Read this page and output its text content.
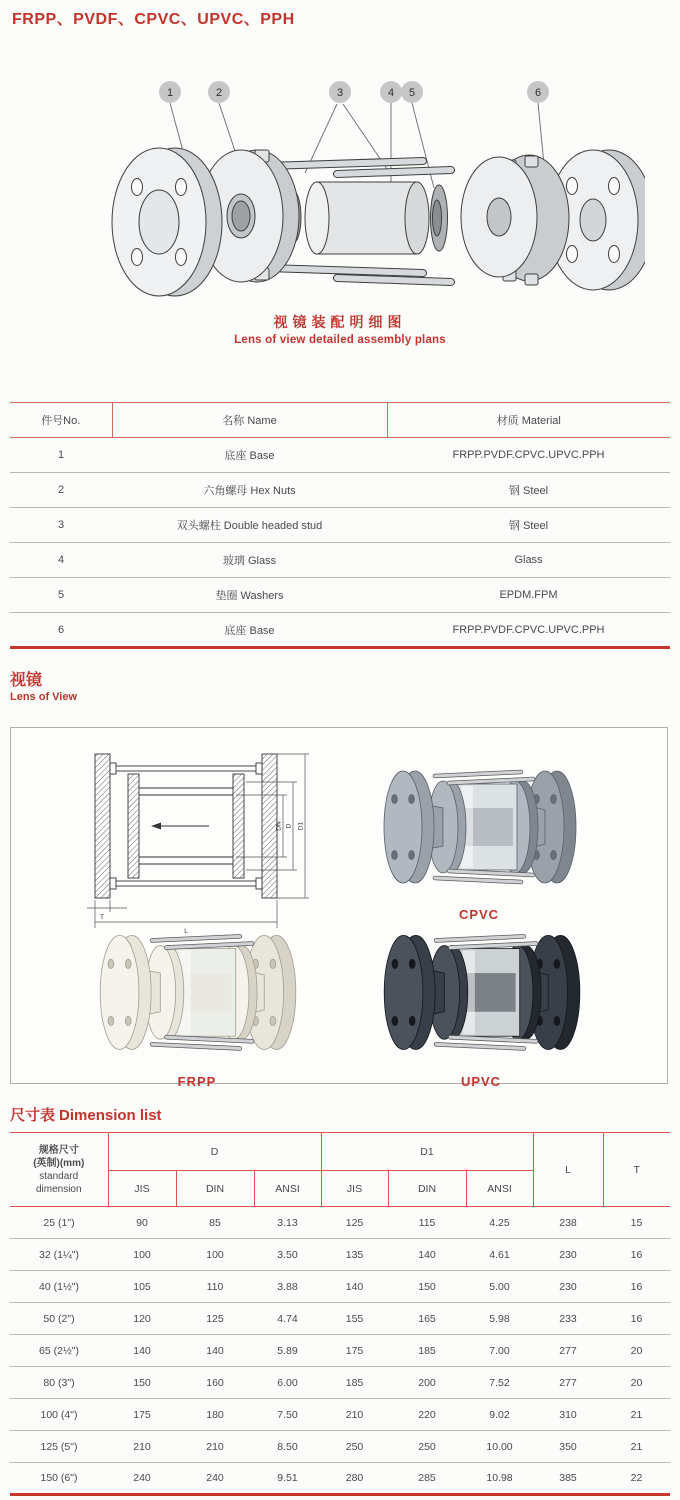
FRPP、PVDF、CPVC、UPVC、PPH
1	2	3	4 5	6
视镜装配明细图
Lens of view detailed assembly plans
件号No.	名称 Name	材质 Material
1	底座 Base	FRPP.PVDF.CPVC.UPVC.PPH
2	六角螺母 Hex Nuts	钢 Steel
3	双头螺柱 Double headed stud	钢 Steel
4	玻璃 Glass	Glass
5	垫圈 Washers	EPDM.FPM
6	底座 Base	FRPP.PVDF.CPVC.UPVC.PPH
视镜
Lens of View
DN D D1
T
L
CPVC
FRPP	UPVC
尺寸表 Dimension list
规格尺寸
(英制)(mm)
standard
dimension	D			D1			L	T
	JIS	DIN	ANSI	JIS	DIN	ANSI		
25 (1")	90	85	3.13	125	115	4.25	238	15
32 (1¼")	100	100	3.50	135	140	4.61	230	16
40 (1½")	105	110	3.88	140	150	5.00	230	16
50 (2")	120	125	4.74	155	165	5.98	233	16
65 (2½")	140	140	5.89	175	185	7.00	277	20
80 (3")	150	160	6.00	185	200	7.52	277	20
100 (4")	175	180	7.50	210	220	9.02	310	21
125 (5")	210	210	8.50	250	250	10.00	350	21
150 (6")	240	240	9.51	280	285	10.98	385	22
